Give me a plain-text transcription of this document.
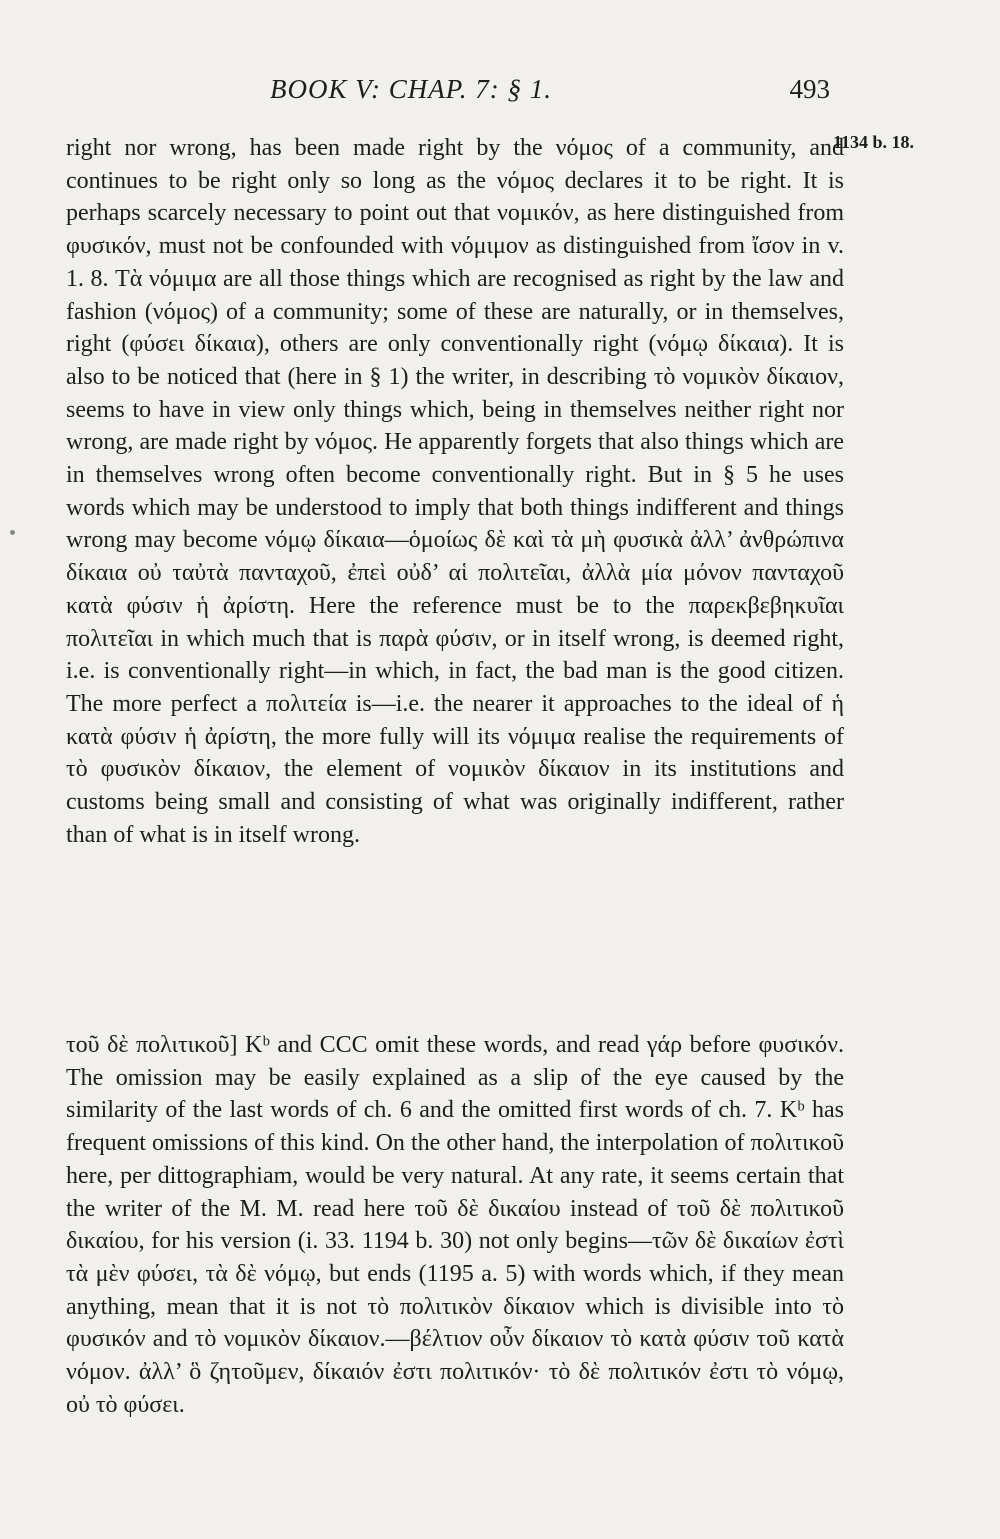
BOOK V: CHAP. 7: § 1.	493
1134 b. 18.

right nor wrong, has been made right by the νόμος of a community, and continues to be right only so long as the νόμος declares it to be right. It is perhaps scarcely necessary to point out that νομικόν, as here distinguished from φυσικόν, must not be confounded with νόμιμον as distinguished from ἴσον in v. 1. 8. Τὰ νόμιμα are all those things which are recognised as right by the law and fashion (νόμος) of a community; some of these are naturally, or in themselves, right (φύσει δίκαια), others are only conventionally right (νόμῳ δίκαια). It is also to be noticed that (here in § 1) the writer, in describing τὸ νομικὸν δίκαιον, seems to have in view only things which, being in themselves neither right nor wrong, are made right by νόμος. He apparently forgets that also things which are in themselves wrong often become conventionally right. But in § 5 he uses words which may be understood to imply that both things indifferent and things wrong may become νόμῳ δίκαια—ὁμοίως δὲ καὶ τὰ μὴ φυσικὰ ἀλλ’ ἀνθρώπινα δίκαια οὐ ταὐτὰ πανταχοῦ, ἐπεὶ οὐδ’ αἱ πολιτεῖαι, ἀλλὰ μία μόνον πανταχοῦ κατὰ φύσιν ἡ ἀρίστη. Here the reference must be to the παρεκβεβηκυῖαι πολιτεῖαι in which much that is παρὰ φύσιν, or in itself wrong, is deemed right, i.e. is conventionally right—in which, in fact, the bad man is the good citizen. The more perfect a πολιτεία is—i.e. the nearer it approaches to the ideal of ἡ κατὰ φύσιν ἡ ἀρίστη, the more fully will its νόμιμα realise the requirements of τὸ φυσικὸν δίκαιον, the element of νομικὸν δίκαιον in its institutions and customs being small and consisting of what was originally indifferent, rather than of what is in itself wrong.

τοῦ δὲ πολιτικοῦ] Kᵇ and CCC omit these words, and read γάρ before φυσικόν. The omission may be easily explained as a slip of the eye caused by the similarity of the last words of ch. 6 and the omitted first words of ch. 7. Kᵇ has frequent omissions of this kind. On the other hand, the interpolation of πολιτικοῦ here, per dittographiam, would be very natural. At any rate, it seems certain that the writer of the M. M. read here τοῦ δὲ δικαίου instead of τοῦ δὲ πολιτικοῦ δικαίου, for his version (i. 33. 1194 b. 30) not only begins—τῶν δὲ δικαίων ἐστὶ τὰ μὲν φύσει, τὰ δὲ νόμῳ, but ends (1195 a. 5) with words which, if they mean anything, mean that it is not τὸ πολιτικὸν δίκαιον which is divisible into τὸ φυσικόν and τὸ νομικὸν δίκαιον.—βέλτιον οὖν δίκαιον τὸ κατὰ φύσιν τοῦ κατὰ νόμον. ἀλλ’ ὃ ζητοῦμεν, δίκαιόν ἐστι πολιτικόν· τὸ δὲ πολιτικόν ἐστι τὸ νόμῳ, οὐ τὸ φύσει.
